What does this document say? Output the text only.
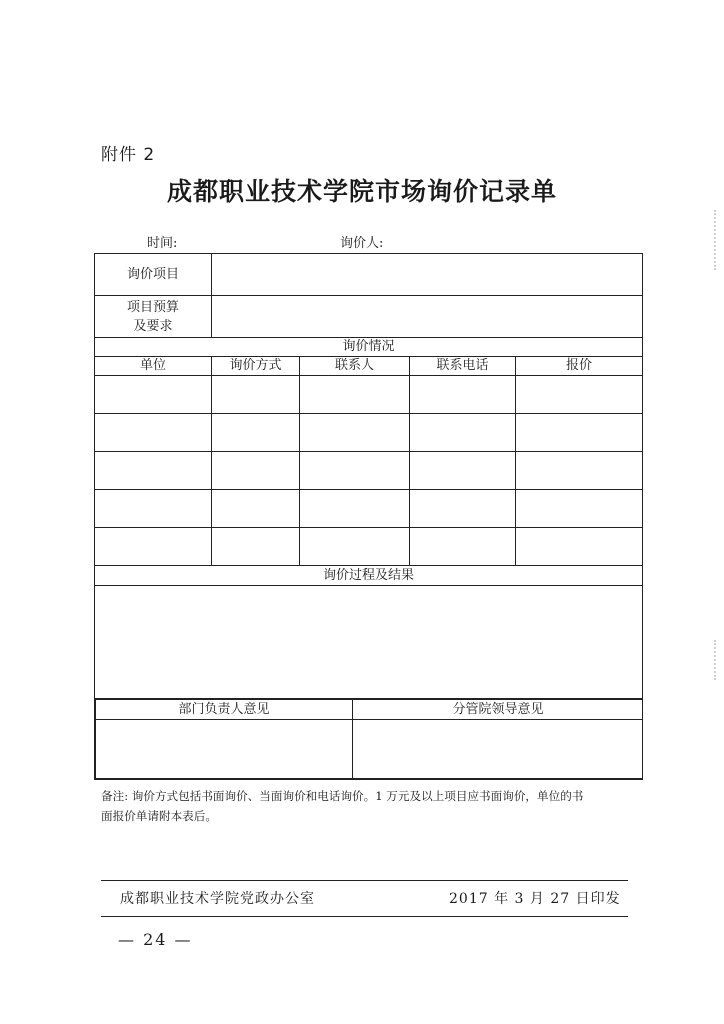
附件 2
成都职业技术学院市场询价记录单
时间:	询价人:
询价项目	

项目预算
及要求

询价情况
单位	询价方式	联系人	联系电话	报价

询价过程及结果

部门负责人意见	分管院领导意见

备注: 询价方式包括书面询价、当面询价和电话询价。1 万元及以上项目应书面询价，单位的书
面报价单请附本表后。
成都职业技术学院党政办公室	2017 年 3 月 27 日印发
— 24 —
